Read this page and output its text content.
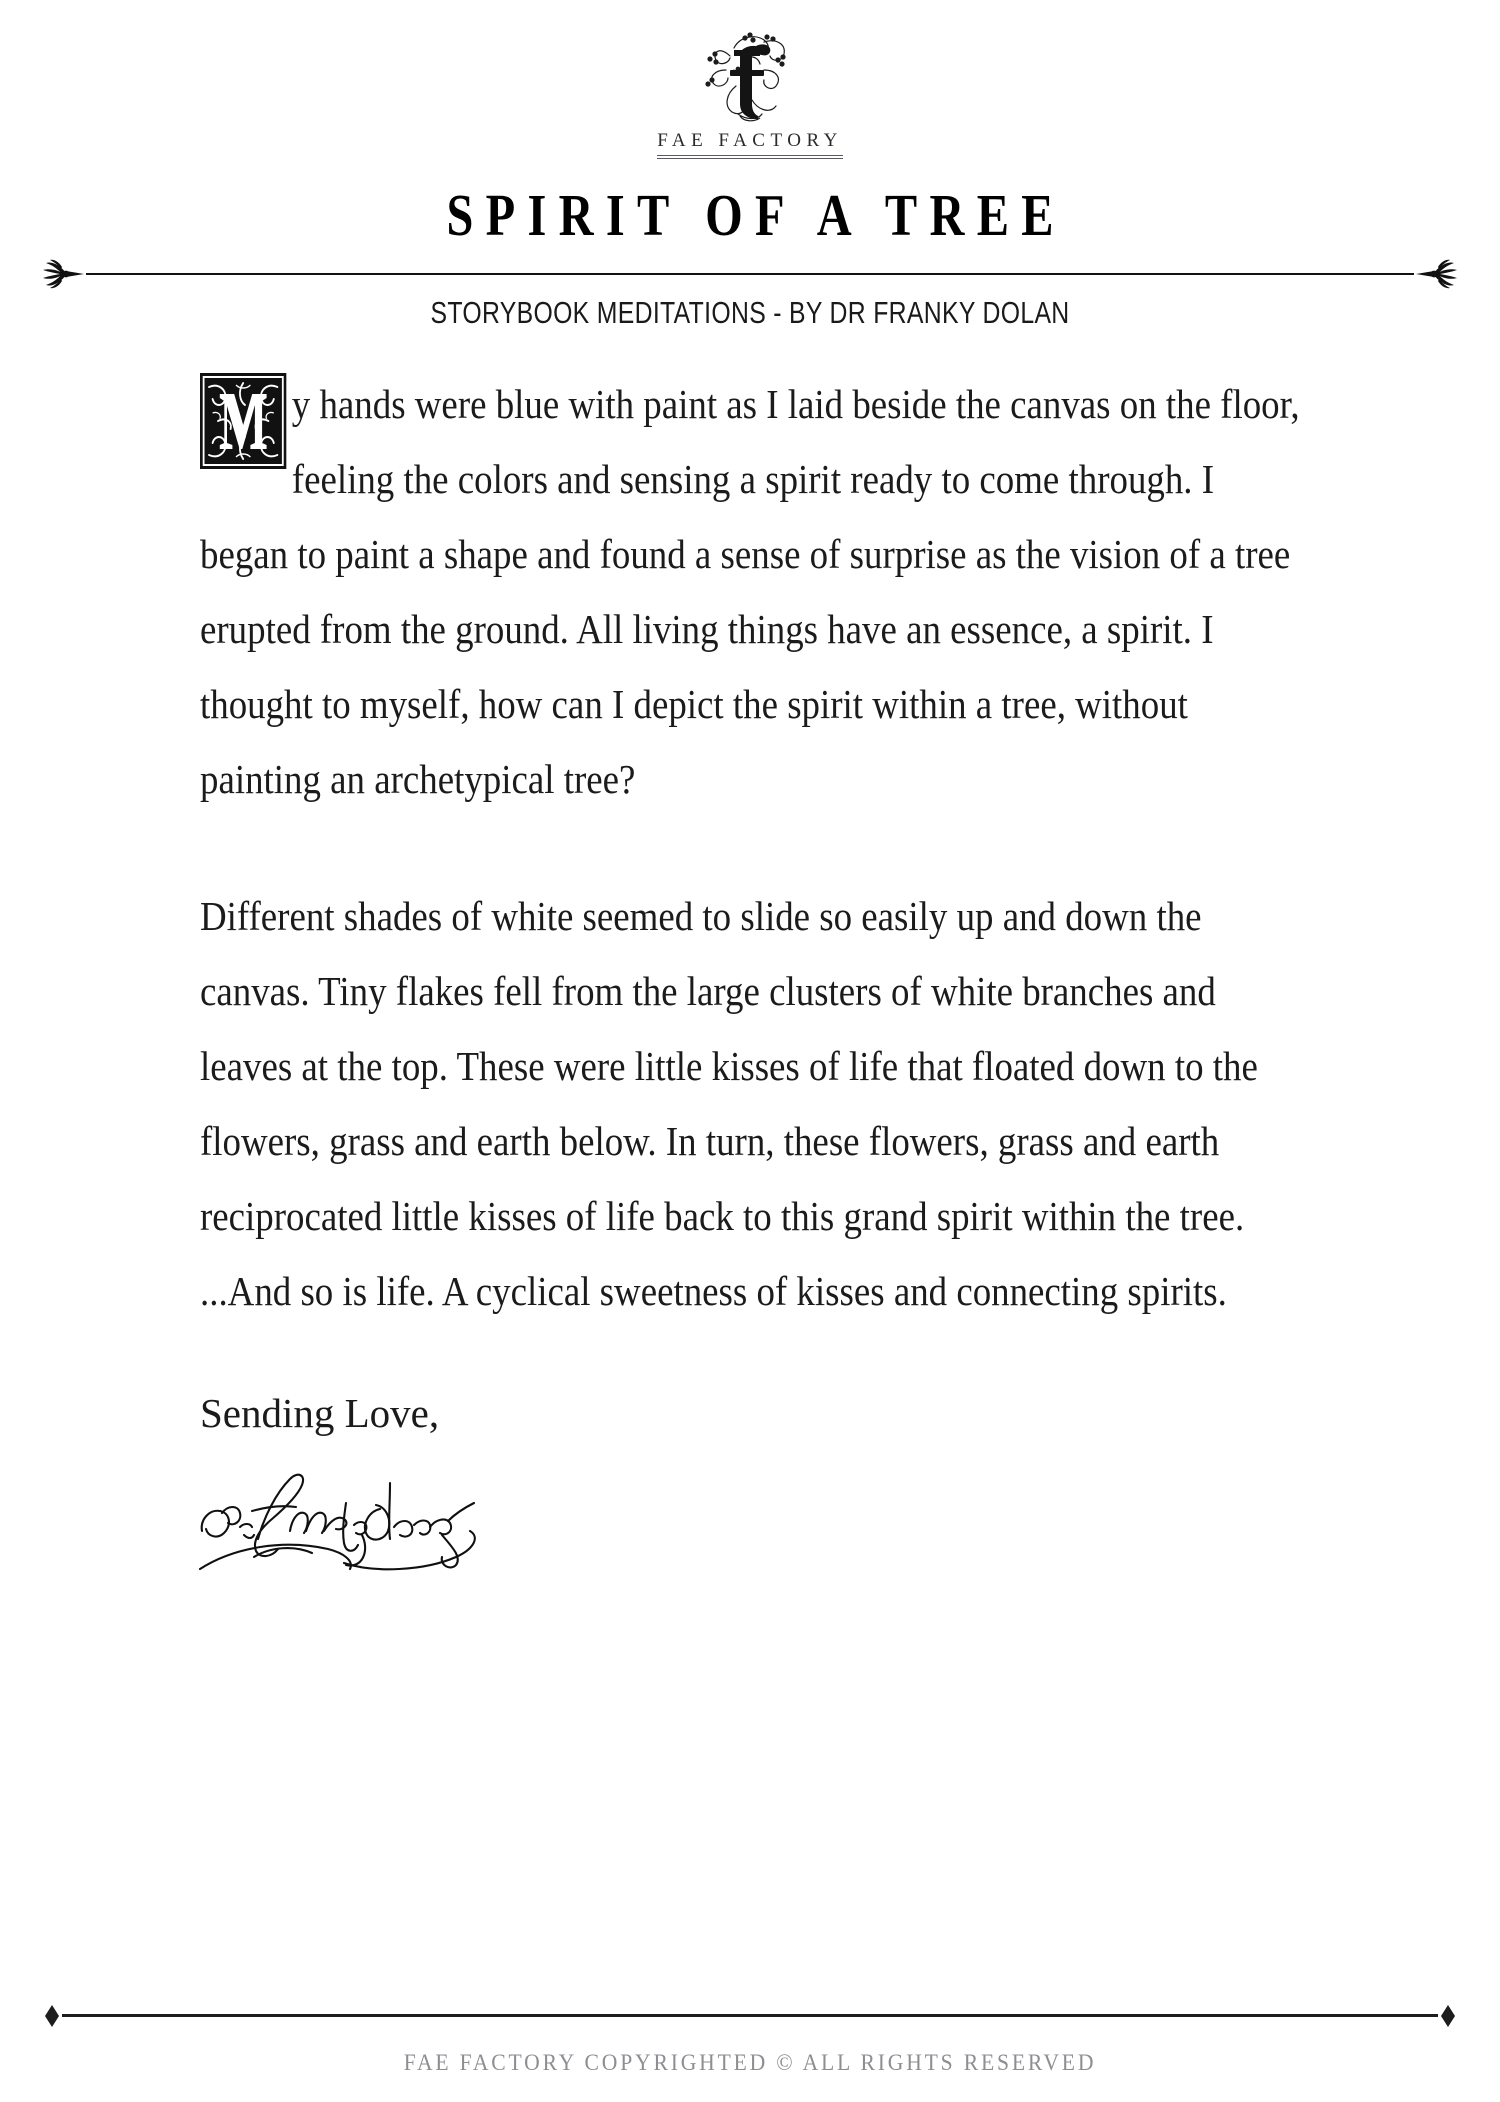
FAE FACTORY
SPIRIT OF A TREE
STORYBOOK MEDITATIONS - BY DR FRANKY DOLAN

y hands were blue with paint as I laid beside the canvas on the floor, feeling the colors and sensing a spirit ready to come through. I began to paint a shape and found a sense of surprise as the vision of a tree erupted from the ground. All living things have an essence, a spirit. I thought to myself, how can I depict the spirit within a tree, without painting an archetypical tree?

Different shades of white seemed to slide so easily up and down the canvas. Tiny flakes fell from the large clusters of white branches and leaves at the top. These were little kisses of life that floated down to the flowers, grass and earth below. In turn, these flowers, grass and earth reciprocated little kisses of life back to this grand spirit within the tree. ...And so is life. A cyclical sweetness of kisses and connecting spirits.

Sending Love,
FAE FACTORY COPYRIGHTED © ALL RIGHTS RESERVED
